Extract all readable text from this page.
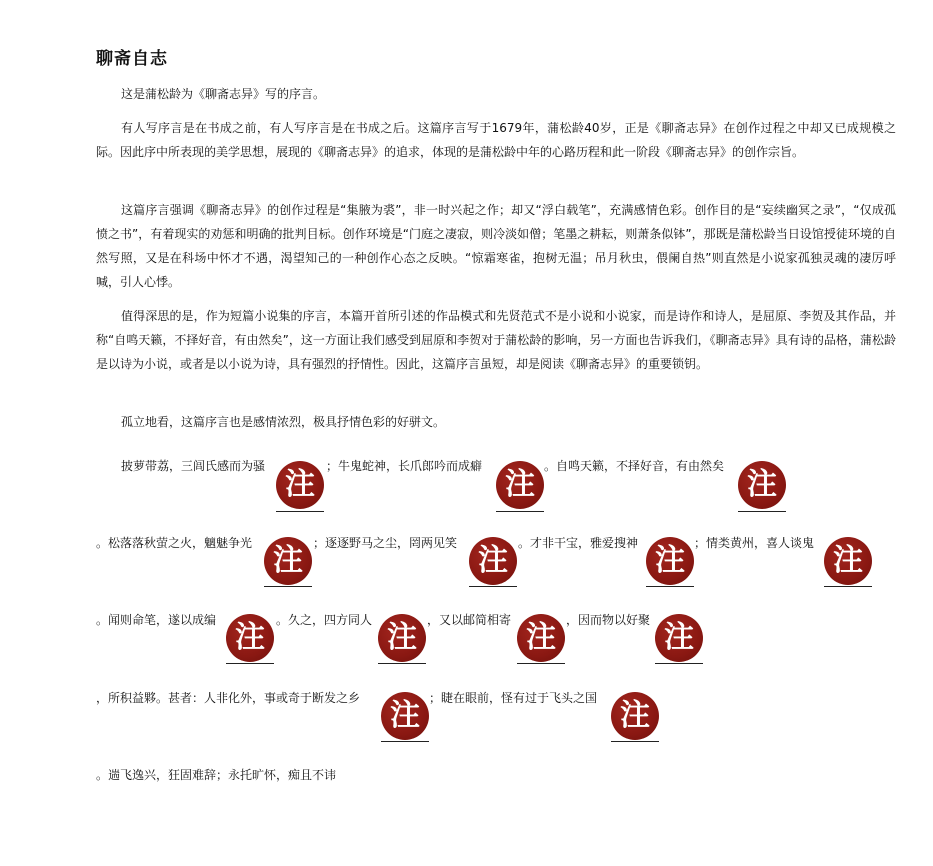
聊斋自志

这是蒲松龄为《聊斋志异》写的序言。

有人写序言是在书成之前，有人写序言是在书成之后。这篇序言写于1679年，蒲松龄40岁，正是《聊斋志异》在创作过程之中却又已成规模之际。因此序中所表现的美学思想，展现的《聊斋志异》的追求，体现的是蒲松龄中年的心路历程和此一阶段《聊斋志异》的创作宗旨。

这篇序言强调《聊斋志异》的创作过程是“集腋为裘”，非一时兴起之作；却又“浮白载笔”，充满感情色彩。创作目的是“妄续幽冥之录”，“仅成孤愤之书”，有着现实的劝惩和明确的批判目标。创作环境是“门庭之凄寂，则冷淡如僧；笔墨之耕耘，则萧条似钵”，那既是蒲松龄当日设馆授徒环境的自然写照，又是在科场中怀才不遇，渴望知己的一种创作心态之反映。“惊霜寒雀，抱树无温；吊月秋虫，偎阑自热”则直然是小说家孤独灵魂的凄厉呼喊，引人心悸。

值得深思的是，作为短篇小说集的序言，本篇开首所引述的作品模式和先贤范式不是小说和小说家，而是诗作和诗人，是屈原、李贺及其作品，并称“自鸣天籁，不择好音，有由然矣”，这一方面让我们感受到屈原和李贺对于蒲松龄的影响，另一方面也告诉我们，《聊斋志异》具有诗的品格，蒲松龄是以诗为小说，或者是以小说为诗，具有强烈的抒情性。因此，这篇序言虽短，却是阅读《聊斋志异》的重要锁钥。

孤立地看，这篇序言也是感情浓烈，极具抒情色彩的好骈文。

披萝带荔，三闾氏感而为骚
注
；牛鬼蛇神，长爪郎吟而成癖
注
。自鸣天籁，不择好音，有由然矣
注
。松落落秋萤之火，魑魅争光 注 ；逐逐野马之尘，罔两见笑 注 。才非干宝，雅爱搜神 注 ；情类黄州，喜人谈鬼 注
。闻则命笔，遂以成编 注 。久之，四方同人 注 ，又以邮简相寄 注 ，因而物以好聚 注
，所积益夥。甚者：人非化外，事或奇于断发之乡 注 ；睫在眼前，怪有过于飞头之国 注
。遄飞逸兴，狂固难辞；永托旷怀，痴且不讳
